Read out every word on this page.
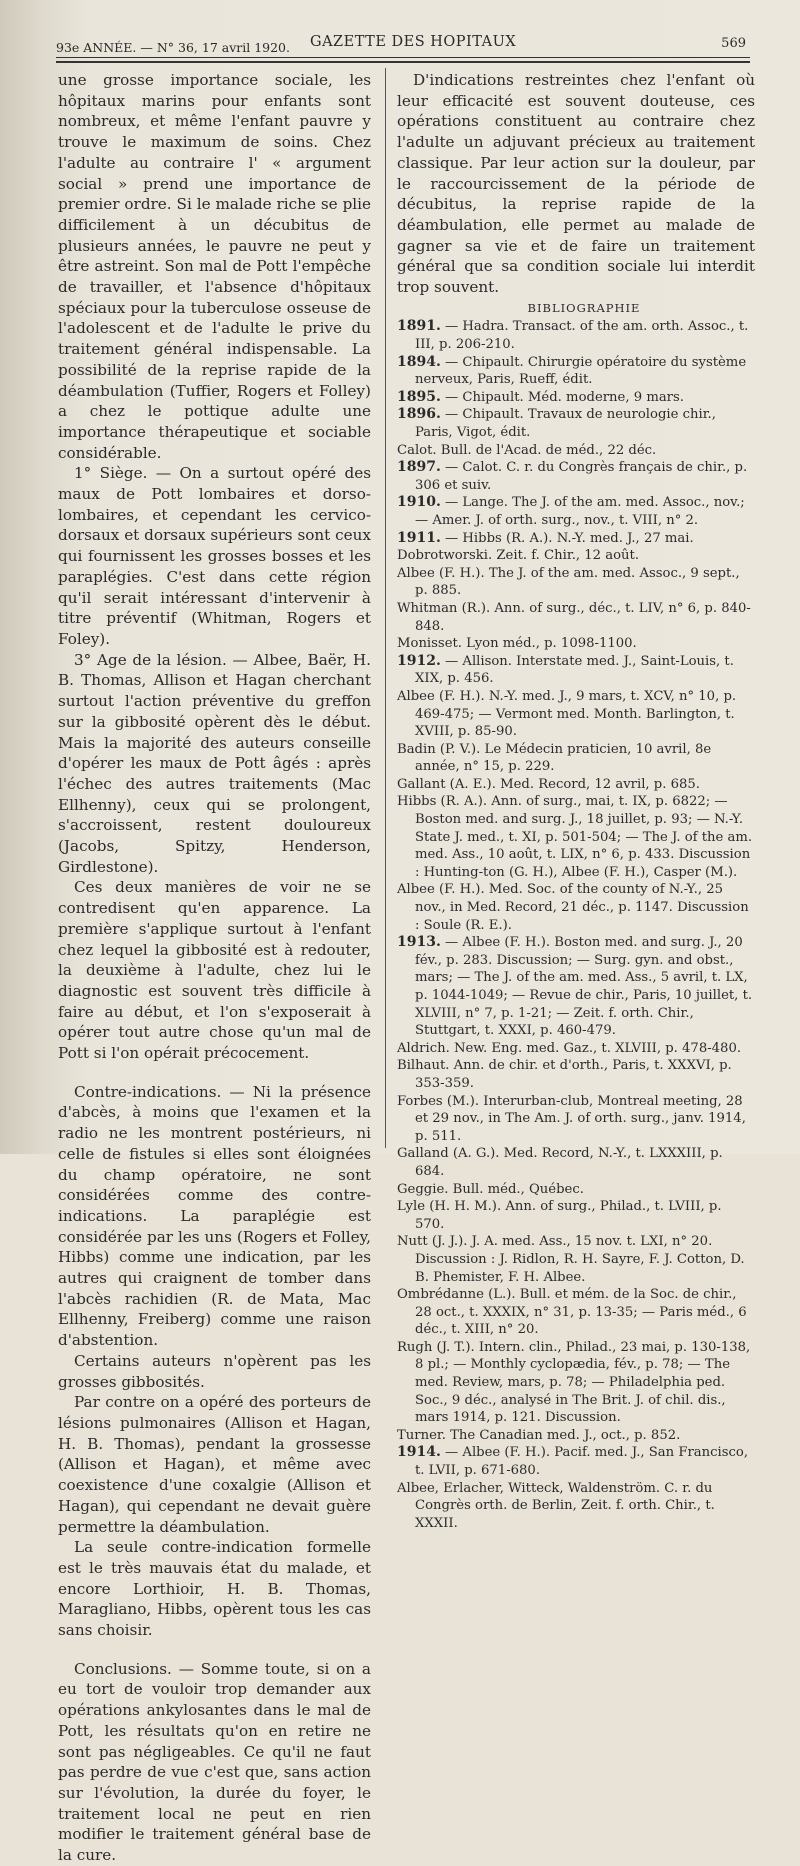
93e ANNÉE. — N° 36, 17 avril 1920. GAZETTE DES HOPITAUX	569

une grosse importance sociale, les hôpitaux marins pour enfants sont nombreux, et même l'enfant pauvre y trouve le maximum de soins. Chez l'adulte au contraire l' « argument social » prend une importance de premier ordre. Si le malade riche se plie difficilement à un décubitus de plusieurs années, le pauvre ne peut y être astreint. Son mal de Pott l'empêche de travailler, et l'absence d'hôpitaux spéciaux pour la tuberculose osseuse de l'adolescent et de l'adulte le prive du traitement général indispensable. La possibilité de la reprise rapide de la déambulation (Tuffier, Rogers et Folley) a chez le pottique adulte une importance thérapeutique et sociable considérable.

1° Siège. — On a surtout opéré des maux de Pott lombaires et dorso-lombaires, et cependant les cervico-dorsaux et dorsaux supérieurs sont ceux qui fournissent les grosses bosses et les paraplégies. C'est dans cette région qu'il serait intéressant d'intervenir à titre préventif (Whitman, Rogers et Foley).

3° Age de la lésion. — Albee, Baër, H. B. Thomas, Allison et Hagan cherchant surtout l'action préventive du greffon sur la gibbosité opèrent dès le début. Mais la majorité des auteurs conseille d'opérer les maux de Pott âgés : après l'échec des autres traitements (Mac Ellhenny), ceux qui se prolongent, s'accroissent, restent douloureux (Jacobs, Spitzy, Henderson, Girdlestone).

Ces deux manières de voir ne se contredisent qu'en apparence. La première s'applique surtout à l'enfant chez lequel la gibbosité est à redouter, la deuxième à l'adulte, chez lui le diagnostic est souvent très difficile à faire au début, et l'on s'exposerait à opérer tout autre chose qu'un mal de Pott si l'on opérait précocement.

Contre-indications. — Ni la présence d'abcès, à moins que l'examen et la radio ne les montrent postérieurs, ni celle de fistules si elles sont éloignées du champ opératoire, ne sont considérées comme des contre-indications. La paraplégie est considérée par les uns (Rogers et Folley, Hibbs) comme une indication, par les autres qui craignent de tomber dans l'abcès rachidien (R. de Mata, Mac Ellhenny, Freiberg) comme une raison d'abstention.

Certains auteurs n'opèrent pas les grosses gibbosités.

Par contre on a opéré des porteurs de lésions pulmonaires (Allison et Hagan, H. B. Thomas), pendant la grossesse (Allison et Hagan), et même avec coexistence d'une coxalgie (Allison et Hagan), qui cependant ne devait guère permettre la déambulation.

La seule contre-indication formelle est le très mauvais état du malade, et encore Lorthioir, H. B. Thomas, Maragliano, Hibbs, opèrent tous les cas sans choisir.

Conclusions. — Somme toute, si on a eu tort de vouloir trop demander aux opérations ankylosantes dans le mal de Pott, les résultats qu'on en retire ne sont pas négligeables. Ce qu'il ne faut pas perdre de vue c'est que, sans action sur l'évolution, la durée du foyer, le traitement local ne peut en rien modifier le traitement général base de la cure.

D'indications restreintes chez l'enfant où leur efficacité est souvent douteuse, ces opérations constituent au contraire chez l'adulte un adjuvant précieux au traitement classique. Par leur action sur la douleur, par le raccourcissement de la période de décubitus, la reprise rapide de la déambulation, elle permet au malade de gagner sa vie et de faire un traitement général que sa condition sociale lui interdit trop souvent.

BIBLIOGRAPHIE

1891. — Hadra. Transact. of the am. orth. Assoc., t. III, p. 206-210.

1894. — Chipault. Chirurgie opératoire du système nerveux, Paris, Rueff, édit.

1895. — Chipault. Méd. moderne, 9 mars.

1896. — Chipault. Travaux de neurologie chir., Paris, Vigot, édit.

Calot. Bull. de l'Acad. de méd., 22 déc.

1897. — Calot. C. r. du Congrès français de chir., p. 306 et suiv.

1910. — Lange. The J. of the am. med. Assoc., nov.; — Amer. J. of orth. surg., nov., t. VIII, n° 2.

1911. — Hibbs (R. A.). N.-Y. med. J., 27 mai.

Dobrotworski. Zeit. f. Chir., 12 août.

Albee (F. H.). The J. of the am. med. Assoc., 9 sept., p. 885.

Whitman (R.). Ann. of surg., déc., t. LIV, n° 6, p. 840-848.

Monisset. Lyon méd., p. 1098-1100.

1912. — Allison. Interstate med. J., Saint-Louis, t. XIX, p. 456.

Albee (F. H.). N.-Y. med. J., 9 mars, t. XCV, n° 10, p. 469-475; — Vermont med. Month. Barlington, t. XVIII, p. 85-90.

Badin (P. V.). Le Médecin praticien, 10 avril, 8e année, n° 15, p. 229.

Gallant (A. E.). Med. Record, 12 avril, p. 685.

Hibbs (R. A.). Ann. of surg., mai, t. IX, p. 6822; — Boston med. and surg. J., 18 juillet, p. 93; — N.-Y. State J. med., t. XI, p. 501-504; — The J. of the am. med. Ass., 10 août, t. LIX, n° 6, p. 433. Discussion : Hunting-ton (G. H.), Albee (F. H.), Casper (M.).

Albee (F. H.). Med. Soc. of the county of N.-Y., 25 nov., in Med. Record, 21 déc., p. 1147. Discussion : Soule (R. E.).

1913. — Albee (F. H.). Boston med. and surg. J., 20 fév., p. 283. Discussion; — Surg. gyn. and obst., mars; — The J. of the am. med. Ass., 5 avril, t. LX, p. 1044-1049; — Revue de chir., Paris, 10 juillet, t. XLVIII, n° 7, p. 1-21; — Zeit. f. orth. Chir., Stuttgart, t. XXXI, p. 460-479.

Aldrich. New. Eng. med. Gaz., t. XLVIII, p. 478-480.

Bilhaut. Ann. de chir. et d'orth., Paris, t. XXXVI, p. 353-359.

Forbes (M.). Interurban-club, Montreal meeting, 28 et 29 nov., in The Am. J. of orth. surg., janv. 1914, p. 511.

Galland (A. G.). Med. Record, N.-Y., t. LXXXIII, p. 684.

Geggie. Bull. méd., Québec.

Lyle (H. H. M.). Ann. of surg., Philad., t. LVIII, p. 570.

Nutt (J. J.). J. A. med. Ass., 15 nov. t. LXI, n° 20. Discussion : J. Ridlon, R. H. Sayre, F. J. Cotton, D. B. Phemister, F. H. Albee.

Ombrédanne (L.). Bull. et mém. de la Soc. de chir., 28 oct., t. XXXIX, n° 31, p. 13-35; — Paris méd., 6 déc., t. XIII, n° 20.

Rugh (J. T.). Intern. clin., Philad., 23 mai, p. 130-138, 8 pl.; — Monthly cyclopædia, fév., p. 78; — The med. Review, mars, p. 78; — Philadelphia ped. Soc., 9 déc., analysé in The Brit. J. of chil. dis., mars 1914, p. 121. Discussion.

Turner. The Canadian med. J., oct., p. 852.

1914. — Albee (F. H.). Pacif. med. J., San Francisco, t. LVII, p. 671-680.

Albee, Erlacher, Witteck, Waldenström. C. r. du Congrès orth. de Berlin, Zeit. f. orth. Chir., t. XXXII.
